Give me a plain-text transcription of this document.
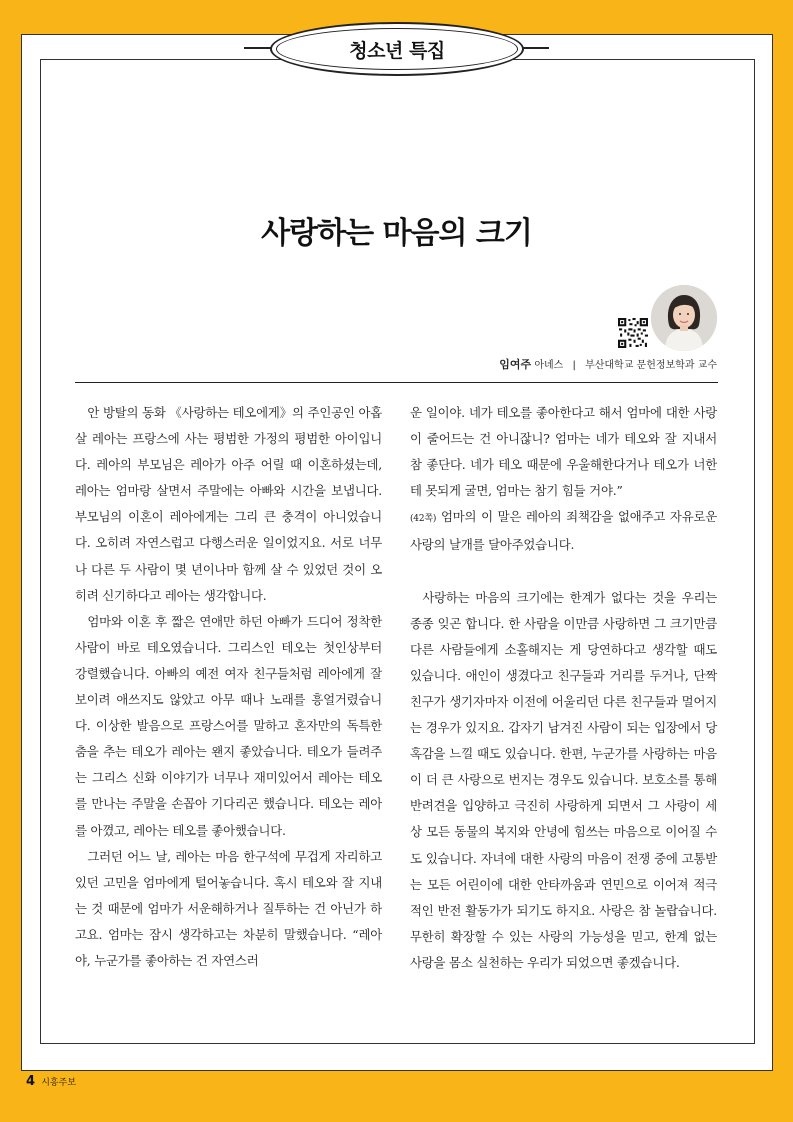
청소년 특집
사랑하는 마음의 크기
임여주 아녜스 | 부산대학교 문헌정보학과 교수

안 방탈의 동화 《사랑하는 테오에게》의 주인공인 아홉 살 레아는 프랑스에 사는 평범한 가정의 평범한 아이입니다. 레아의 부모님은 레아가 아주 어릴 때 이혼하셨는데, 레아는 엄마랑 살면서 주말에는 아빠와 시간을 보냅니다. 부모님의 이혼이 레아에게는 그리 큰 충격이 아니었습니다. 오히려 자연스럽고 다행스러운 일이었지요. 서로 너무나 다른 두 사람이 몇 년이나마 함께 살 수 있었던 것이 오히려 신기하다고 레아는 생각합니다.

엄마와 이혼 후 짧은 연애만 하던 아빠가 드디어 정착한 사람이 바로 테오였습니다. 그리스인 테오는 첫인상부터 강렬했습니다. 아빠의 예전 여자 친구들처럼 레아에게 잘 보이려 애쓰지도 않았고 아무 때나 노래를 흥얼거렸습니다. 이상한 발음으로 프랑스어를 말하고 혼자만의 독특한 춤을 추는 테오가 레아는 왠지 좋았습니다. 테오가 들려주는 그리스 신화 이야기가 너무나 재미있어서 레아는 테오를 만나는 주말을 손꼽아 기다리곤 했습니다. 테오는 레아를 아꼈고, 레아는 테오를 좋아했습니다.

그러던 어느 날, 레아는 마음 한구석에 무겁게 자리하고 있던 고민을 엄마에게 털어놓습니다. 혹시 테오와 잘 지내는 것 때문에 엄마가 서운해하거나 질투하는 건 아닌가 하고요. 엄마는 잠시 생각하고는 차분히 말했습니다. “레아야, 누군가를 좋아하는 건 자연스러

운 일이야. 네가 테오를 좋아한다고 해서 엄마에 대한 사랑이 줄어드는 건 아니잖니? 엄마는 네가 테오와 잘 지내서 참 좋단다. 네가 테오 때문에 우울해한다거나 테오가 너한테 못되게 굴면, 엄마는 참기 힘들 거야.”
(42쪽) 엄마의 이 말은 레아의 죄책감을 없애주고 자유로운 사랑의 날개를 달아주었습니다.

사랑하는 마음의 크기에는 한계가 없다는 것을 우리는 종종 잊곤 합니다. 한 사람을 이만큼 사랑하면 그 크기만큼 다른 사람들에게 소홀해지는 게 당연하다고 생각할 때도 있습니다. 애인이 생겼다고 친구들과 거리를 두거나, 단짝 친구가 생기자마자 이전에 어울리던 다른 친구들과 멀어지는 경우가 있지요. 갑자기 남겨진 사람이 되는 입장에서 당혹감을 느낄 때도 있습니다. 한편, 누군가를 사랑하는 마음이 더 큰 사랑으로 번지는 경우도 있습니다. 보호소를 통해 반려견을 입양하고 극진히 사랑하게 되면서 그 사랑이 세상 모든 동물의 복지와 안녕에 힘쓰는 마음으로 이어질 수도 있습니다. 자녀에 대한 사랑의 마음이 전쟁 중에 고통받는 모든 어린이에 대한 안타까움과 연민으로 이어져 적극적인 반전 활동가가 되기도 하지요. 사랑은 참 놀랍습니다. 무한히 확장할 수 있는 사랑의 가능성을 믿고, 한계 없는 사랑을 몸소 실천하는 우리가 되었으면 좋겠습니다.

4 시흥주보
